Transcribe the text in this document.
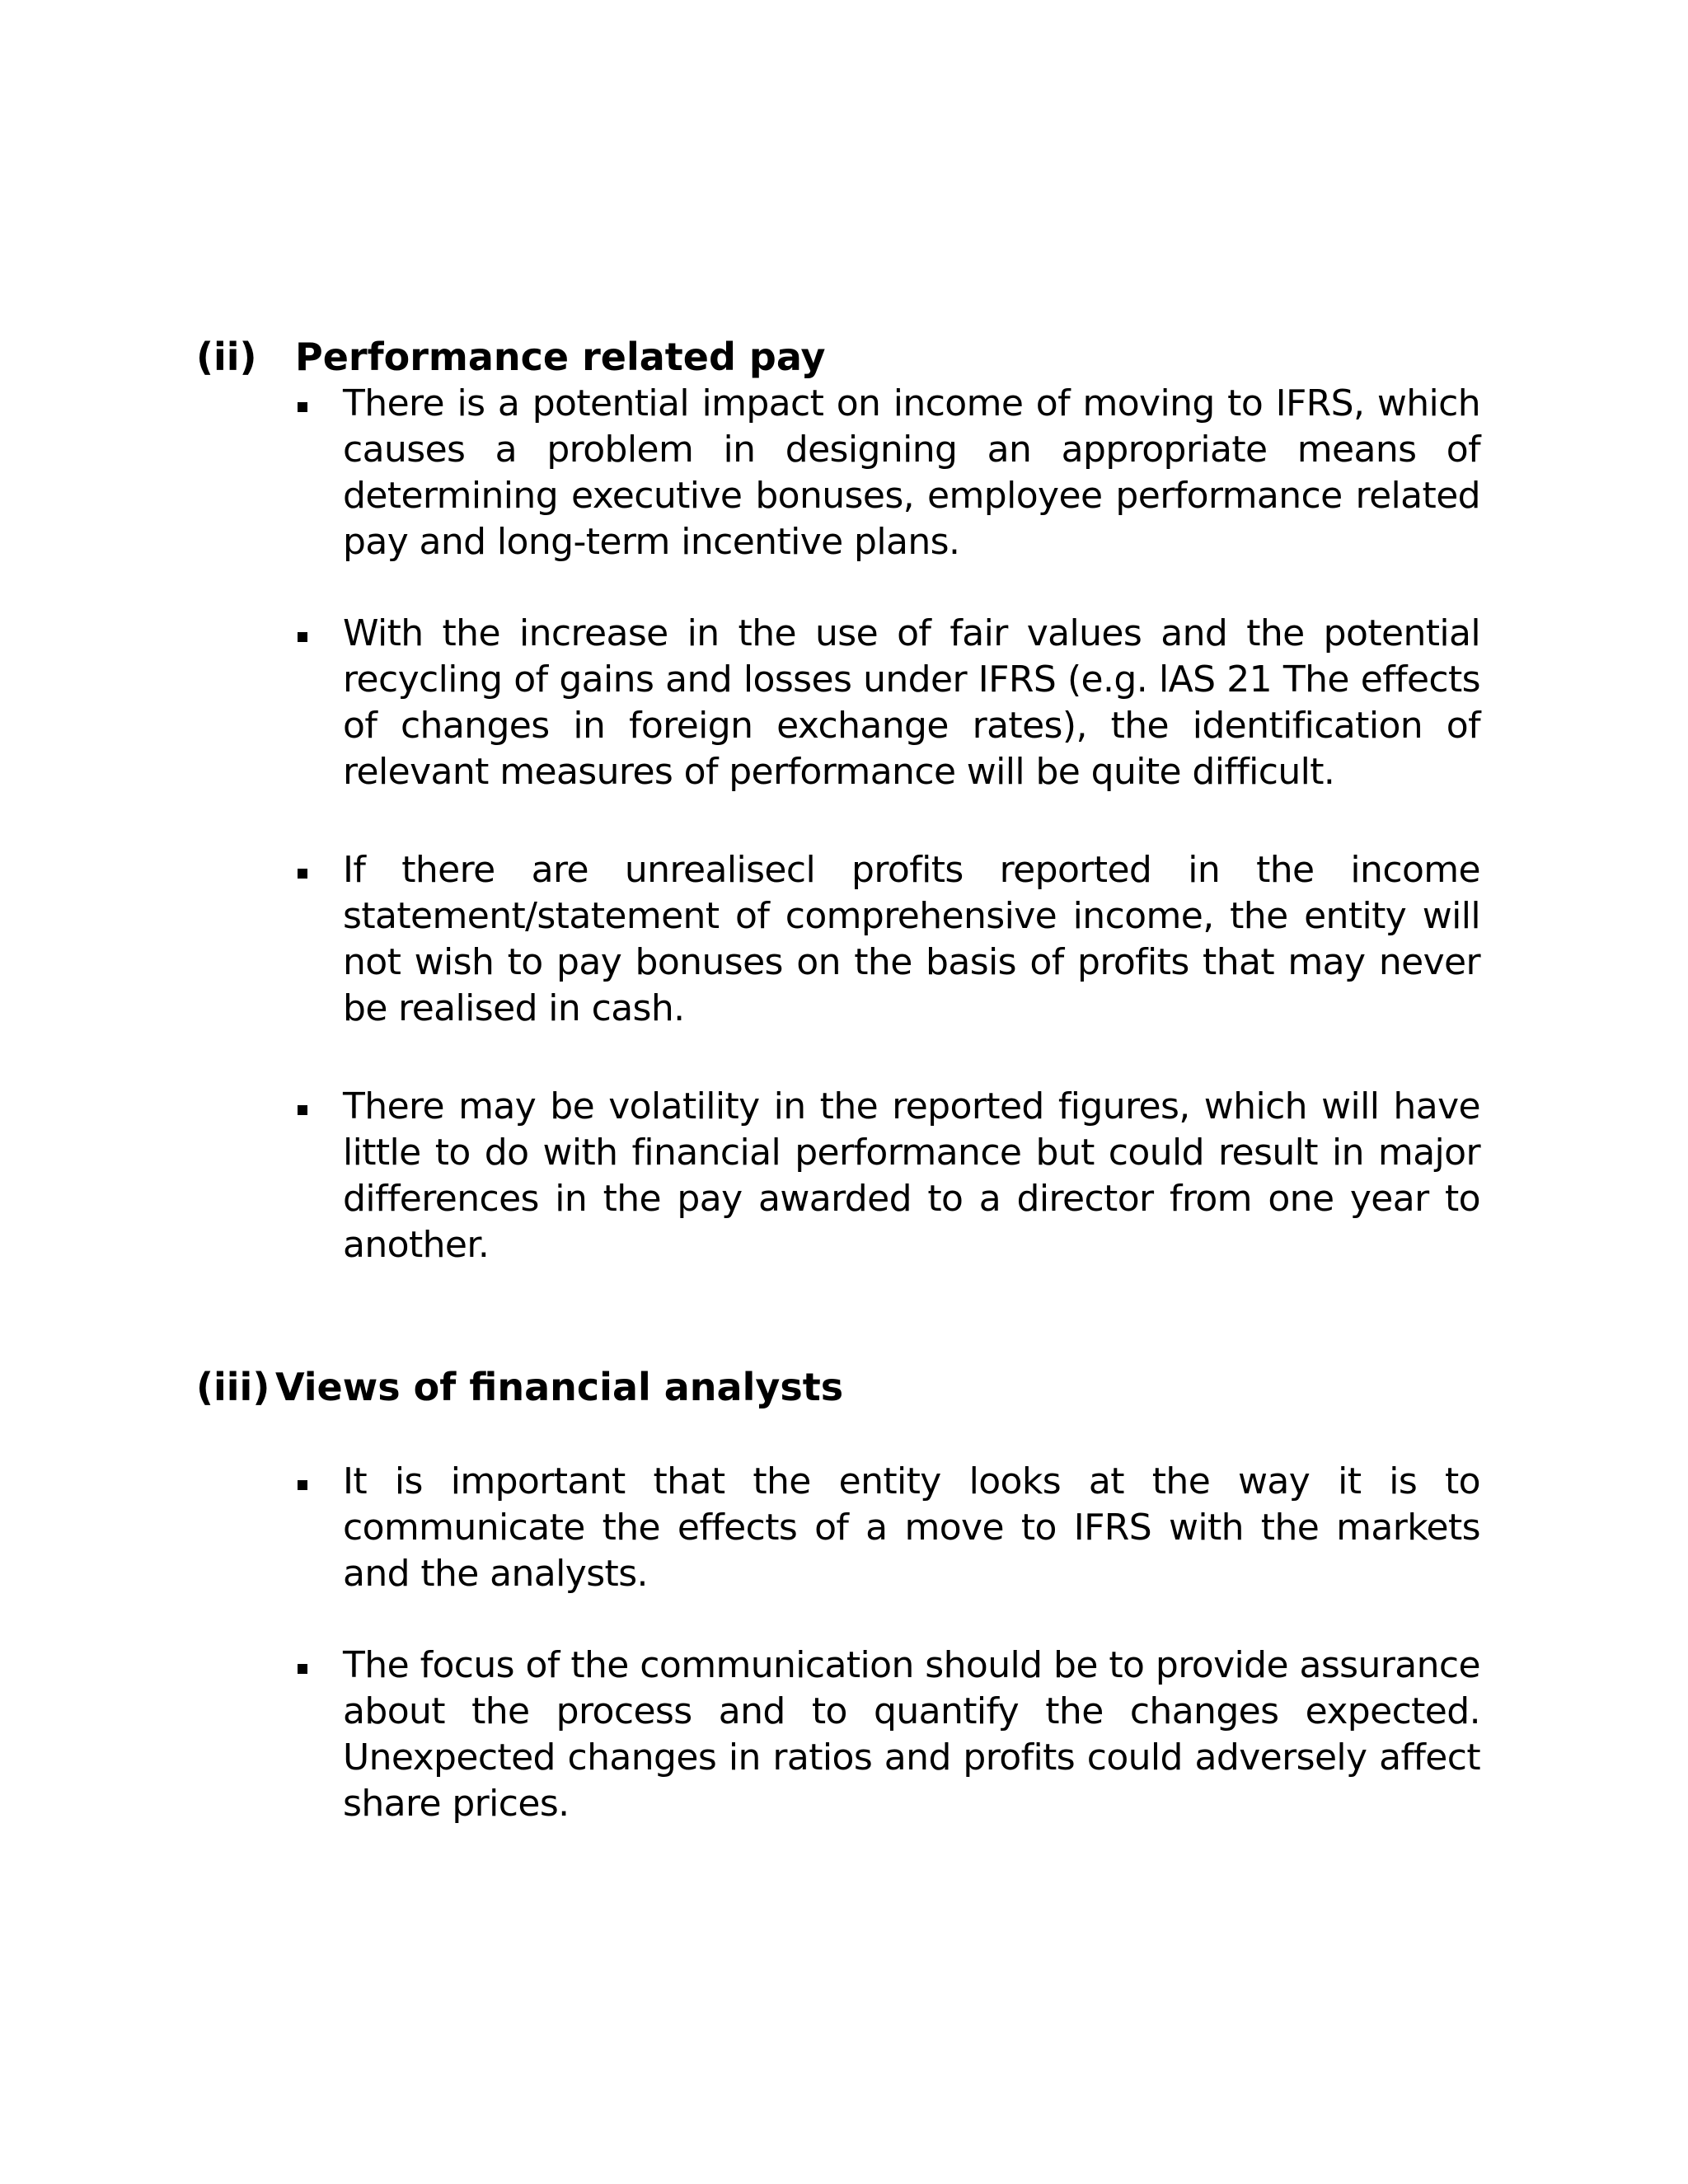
(ii) Performance related pay
There is a potential impact on income of moving to IFRS, which causes a problem in designing an appropriate means of determining executive bonuses, employee performance related pay and long-term incentive plans.
With the increase in the use of fair values and the potential recycling of gains and losses under IFRS (e.g. lAS 21 The effects of changes in foreign exchange rates), the identification of relevant measures of performance will be quite difficult.
If there are unrealisecl profits reported in the income statement/statement of comprehensive income, the entity will not wish to pay bonuses on the basis of profits that may never be realised in cash.
There may be volatility in the reported figures, which will have little to do with financial performance but could result in major differences in the pay awarded to a director from one year to another.
(iii) Views of financial analysts
It is important that the entity looks at the way it is to communicate the effects of a move to IFRS with the markets and the analysts.
The focus of the communication should be to provide assurance about the process and to quantify the changes expected. Unexpected changes in ratios and profits could adversely affect share prices.
